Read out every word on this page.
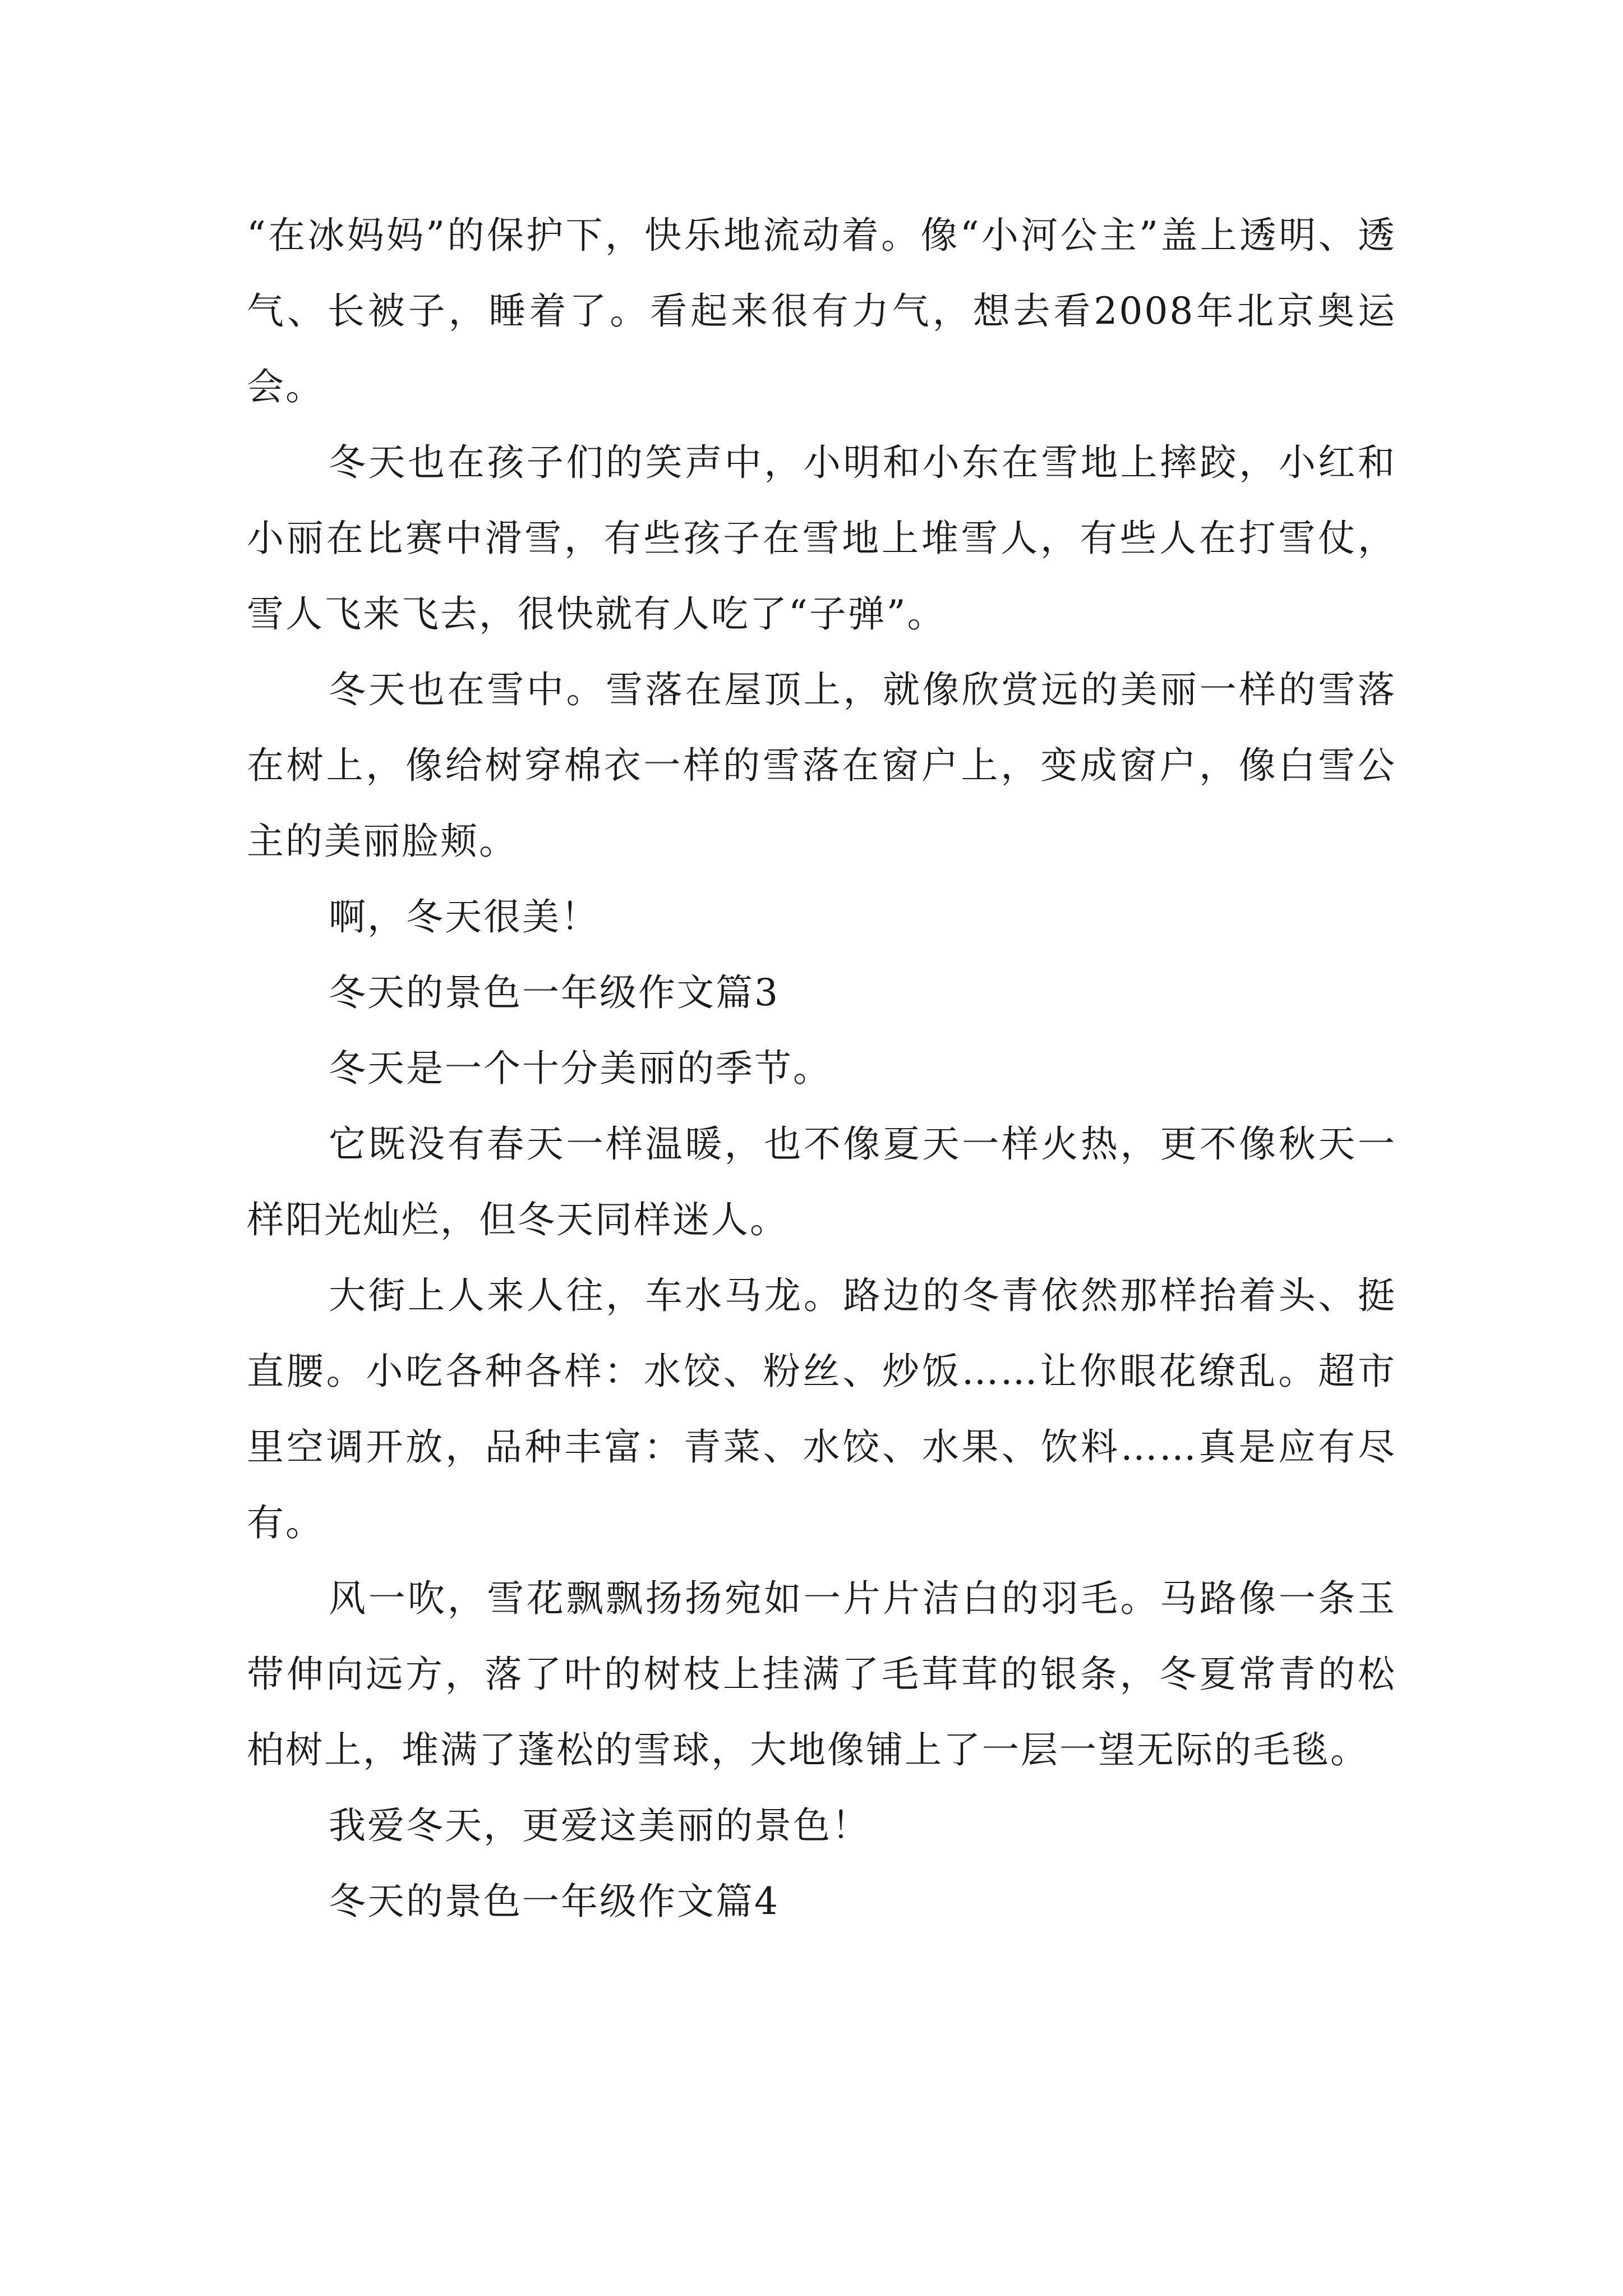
“在冰妈妈”的保护下，快乐地流动着。像“小河公主”盖上透明、透气、长被子，睡着了。看起来很有力气，想去看2008年北京奥运会。

冬天也在孩子们的笑声中，小明和小东在雪地上摔跤，小红和小丽在比赛中滑雪，有些孩子在雪地上堆雪人，有些人在打雪仗，雪人飞来飞去，很快就有人吃了“子弹”。

冬天也在雪中。雪落在屋顶上，就像欣赏远的美丽一样的雪落在树上，像给树穿棉衣一样的雪落在窗户上，变成窗户，像白雪公主的美丽脸颊。

啊，冬天很美！

冬天的景色一年级作文篇3

冬天是一个十分美丽的季节。

它既没有春天一样温暖，也不像夏天一样火热，更不像秋天一样阳光灿烂，但冬天同样迷人。

大街上人来人往，车水马龙。路边的冬青依然那样抬着头、挺直腰。小吃各种各样：水饺、粉丝、炒饭……让你眼花缭乱。超市里空调开放，品种丰富：青菜、水饺、水果、饮料……真是应有尽有。

风一吹，雪花飘飘扬扬宛如一片片洁白的羽毛。马路像一条玉带伸向远方，落了叶的树枝上挂满了毛茸茸的银条，冬夏常青的松柏树上，堆满了蓬松的雪球，大地像铺上了一层一望无际的毛毯。

我爱冬天，更爱这美丽的景色！

冬天的景色一年级作文篇4
